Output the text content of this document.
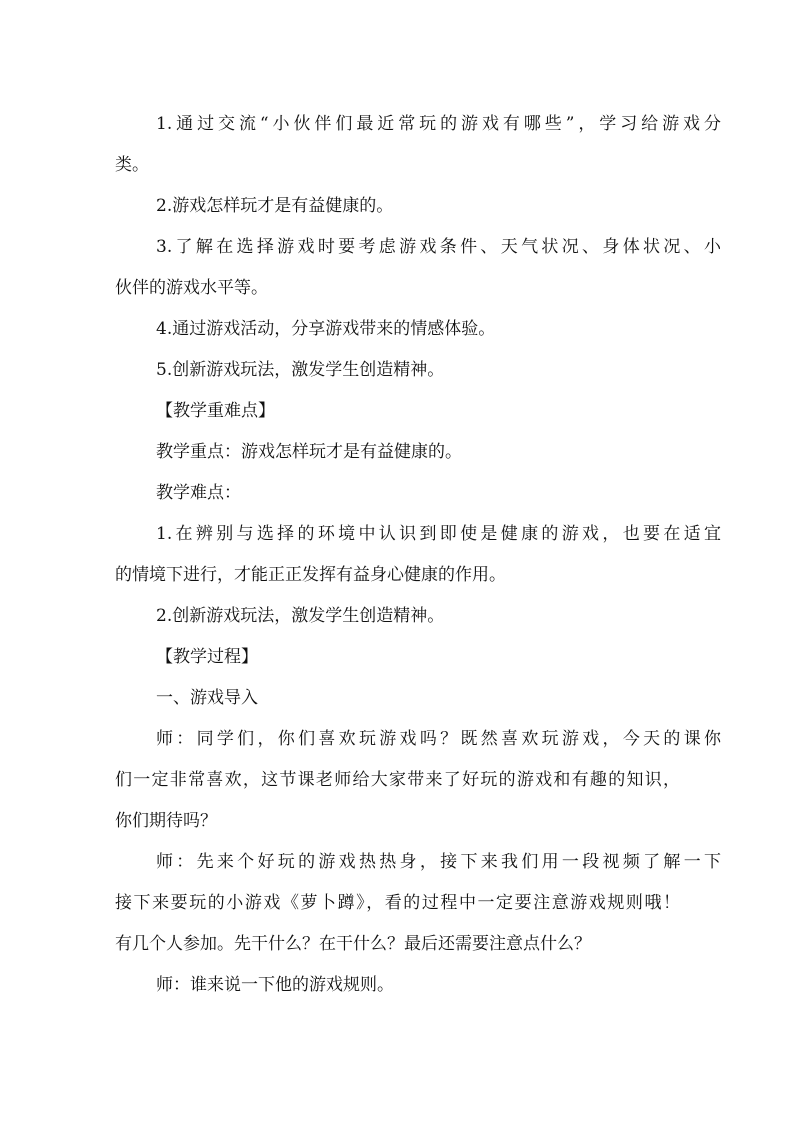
1.通过交流“小伙伴们最近常玩的游戏有哪些”，学习给游戏分

类。

2.游戏怎样玩才是有益健康的。

3.了解在选择游戏时要考虑游戏条件、天气状况、身体状况、小

伙伴的游戏水平等。

4.通过游戏活动，分享游戏带来的情感体验。

5.创新游戏玩法，激发学生创造精神。

【教学重难点】

教学重点：游戏怎样玩才是有益健康的。

教学难点：

1.在辨别与选择的环境中认识到即使是健康的游戏，也要在适宜

的情境下进行，才能正正发挥有益身心健康的作用。

2.创新游戏玩法，激发学生创造精神。

【教学过程】

一、游戏导入

师：同学们，你们喜欢玩游戏吗？既然喜欢玩游戏，今天的课你

们一定非常喜欢，这节课老师给大家带来了好玩的游戏和有趣的知识，

你们期待吗？

师：先来个好玩的游戏热热身，接下来我们用一段视频了解一下

接下来要玩的小游戏《萝卜蹲》，看的过程中一定要注意游戏规则哦！

有几个人参加。先干什么？在干什么？最后还需要注意点什么？

师：谁来说一下他的游戏规则。
